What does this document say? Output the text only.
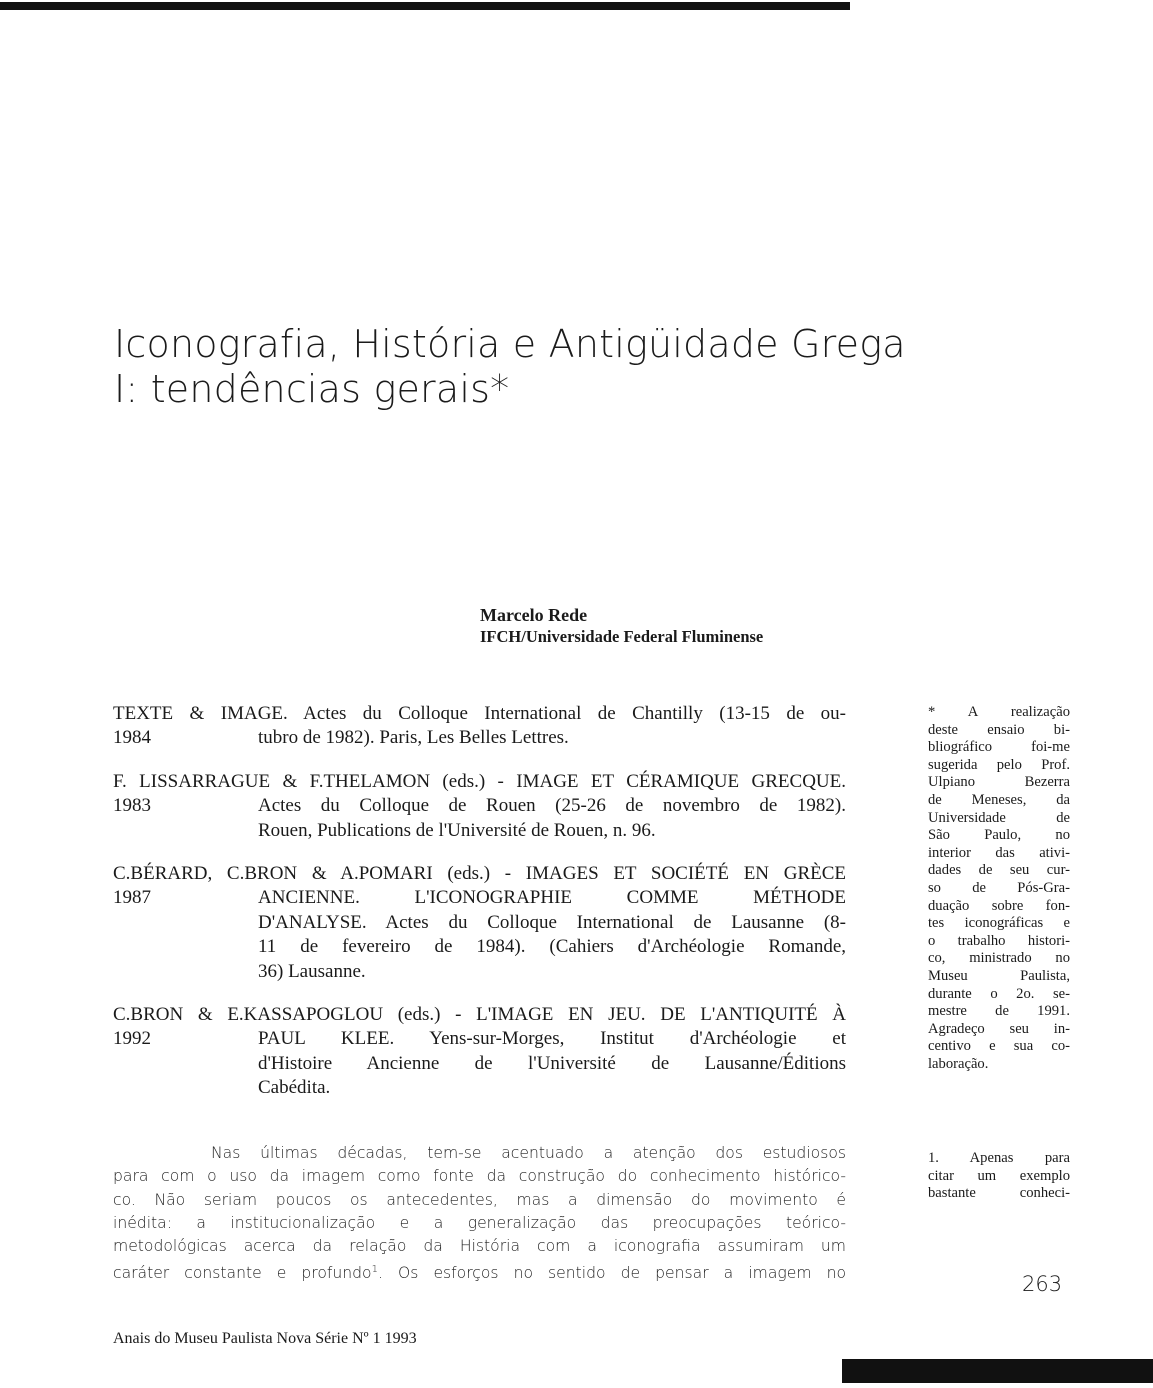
Iconografia, História e Antigüidade Grega
I: tendências gerais*
Marcelo Rede
IFCH/Universidade Federal Fluminense
TEXTE & IMAGE. Actes du Colloque International de Chantilly (13-15 de ou-
1984	tubro de 1982). Paris, Les Belles Lettres.
F. LISSARRAGUE & F.THELAMON (eds.) - IMAGE ET CÉRAMIQUE GRECQUE.
1983	Actes du Colloque de Rouen (25-26 de novembro de 1982).
Rouen, Publications de l'Université de Rouen, n. 96.
C.BÉRARD, C.BRON & A.POMARI (eds.) - IMAGES ET SOCIÉTÉ EN GRÈCE
1987	ANCIENNE. L'ICONOGRAPHIE COMME MÉTHODE
D'ANALYSE. Actes du Colloque International de Lausanne (8-
11 de fevereiro de 1984). (Cahiers d'Archéologie Romande,
36) Lausanne.
C.BRON & E.KASSAPOGLOU (eds.) - L'IMAGE EN JEU. DE L'ANTIQUITÉ À
1992	PAUL KLEE. Yens-sur-Morges, Institut d'Archéologie et
d'Histoire Ancienne de l'Université de Lausanne/Éditions
Cabédita.
Nas últimas décadas, tem-se acentuado a atenção dos estudiosos
para com o uso da imagem como fonte da construção do conhecimento histórico-
co. Não seriam poucos os antecedentes, mas a dimensão do movimento é
inédita: a institucionalização e a generalização das preocupações teórico-
metodológicas acerca da relação da História com a iconografia assumiram um
caráter constante e profundo$^1$. Os esforços no sentido de pensar a imagem no
* A realização
deste ensaio bi-
bliográfico foi-me
sugerida pelo Prof.
Ulpiano Bezerra
de Meneses, da
Universidade de
São Paulo, no
interior das ativi-
dades de seu cur-
so de Pós-Gra-
duação sobre fon-
tes iconográficas e
o trabalho histori-
co, ministrado no
Museu Paulista,
durante o 2o. se-
mestre de 1991.
Agradeço seu in-
centivo e sua co-
laboração.
1. Apenas para
citar um exemplo
bastante conheci-
263
Anais do Museu Paulista Nova Série Nº 1 1993
